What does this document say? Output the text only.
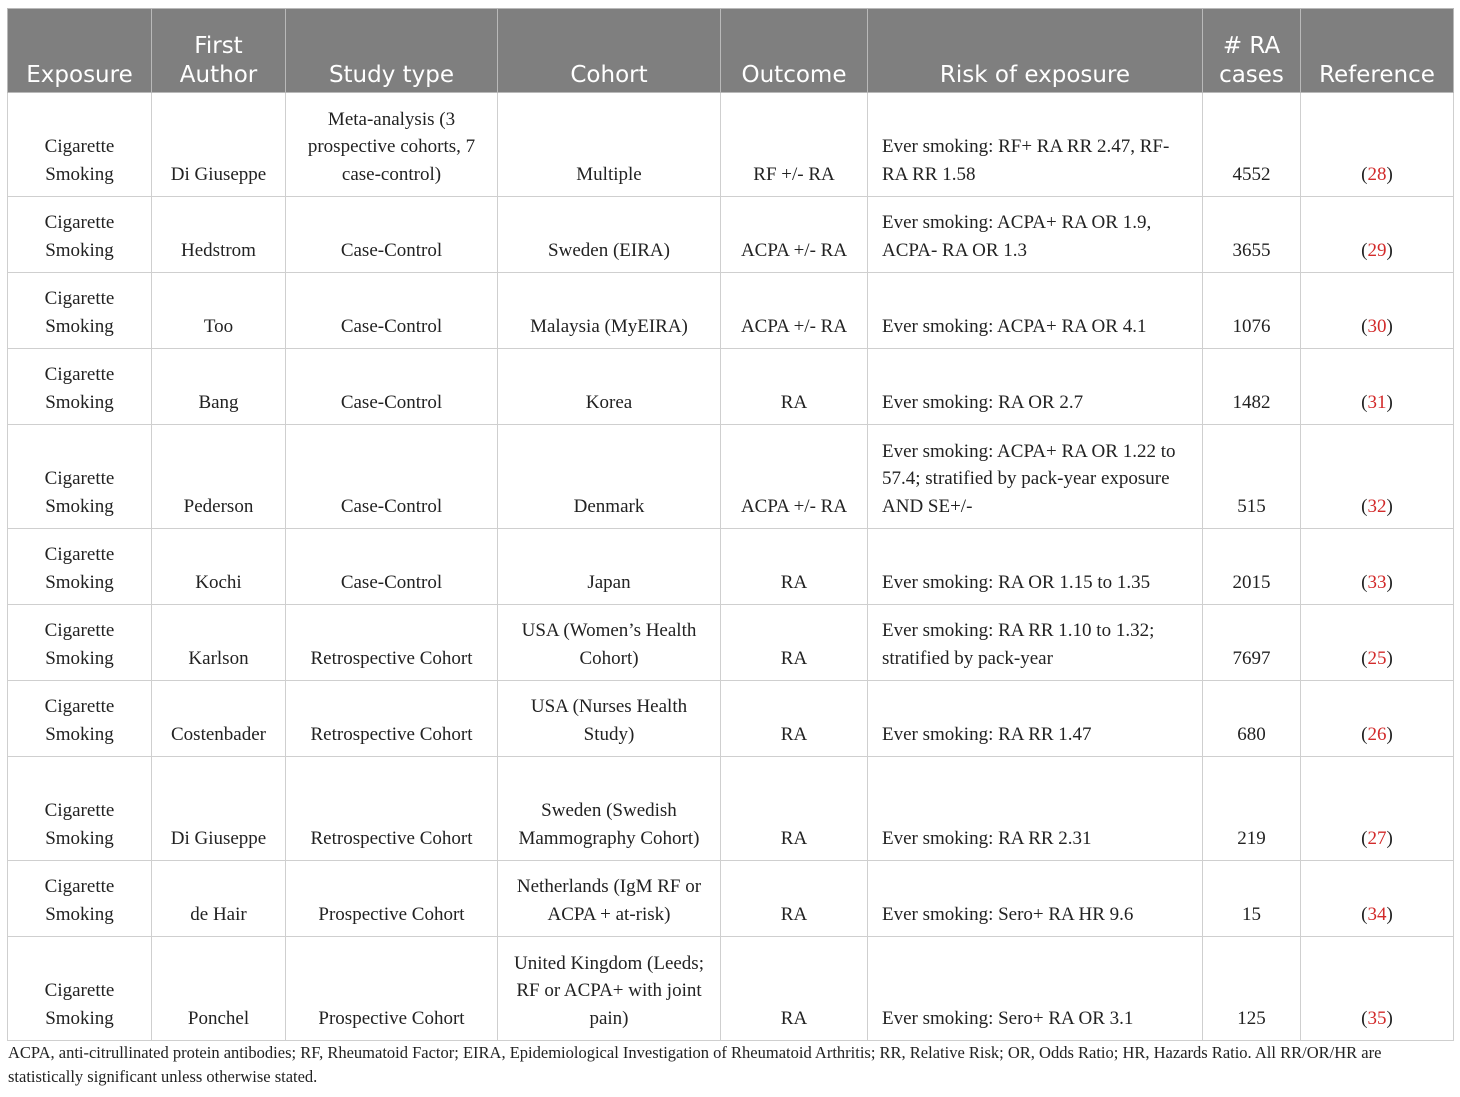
Exposure	First Author	Study type	Cohort	Outcome	Risk of exposure	# RA cases	Reference
Cigarette Smoking	Di Giuseppe	Meta-analysis (3 prospective cohorts, 7 case-control)	Multiple	RF +/- RA	Ever smoking: RF+ RA RR 2.47, RF- RA RR 1.58	4552	(28)
Cigarette Smoking	Hedstrom	Case-Control	Sweden (EIRA)	ACPA +/- RA	Ever smoking: ACPA+ RA OR 1.9, ACPA- RA OR 1.3	3655	(29)
Cigarette Smoking	Too	Case-Control	Malaysia (MyEIRA)	ACPA +/- RA	Ever smoking: ACPA+ RA OR 4.1	1076	(30)
Cigarette Smoking	Bang	Case-Control	Korea	RA	Ever smoking: RA OR 2.7	1482	(31)
Cigarette Smoking	Pederson	Case-Control	Denmark	ACPA +/- RA	Ever smoking: ACPA+ RA OR 1.22 to 57.4; stratified by pack-year exposure AND SE+/-	515	(32)
Cigarette Smoking	Kochi	Case-Control	Japan	RA	Ever smoking: RA OR 1.15 to 1.35	2015	(33)
Cigarette Smoking	Karlson	Retrospective Cohort	USA (Women’s Health Cohort)	RA	Ever smoking: RA RR 1.10 to 1.32; stratified by pack-year	7697	(25)
Cigarette Smoking	Costenbader	Retrospective Cohort	USA (Nurses Health Study)	RA	Ever smoking: RA RR 1.47	680	(26)
Cigarette Smoking	Di Giuseppe	Retrospective Cohort	Sweden (Swedish Mammography Cohort)	RA	Ever smoking: RA RR 2.31	219	(27)
Cigarette Smoking	de Hair	Prospective Cohort	Netherlands (IgM RF or ACPA + at-risk)	RA	Ever smoking: Sero+ RA HR 9.6	15	(34)
Cigarette Smoking	Ponchel	Prospective Cohort	United Kingdom (Leeds; RF or ACPA+ with joint pain)	RA	Ever smoking: Sero+ RA OR 3.1	125	(35)

ACPA, anti-citrullinated protein antibodies; RF, Rheumatoid Factor; EIRA, Epidemiological Investigation of Rheumatoid Arthritis; RR, Relative Risk; OR, Odds Ratio; HR, Hazards Ratio. All RR/OR/HR are statistically significant unless otherwise stated.
